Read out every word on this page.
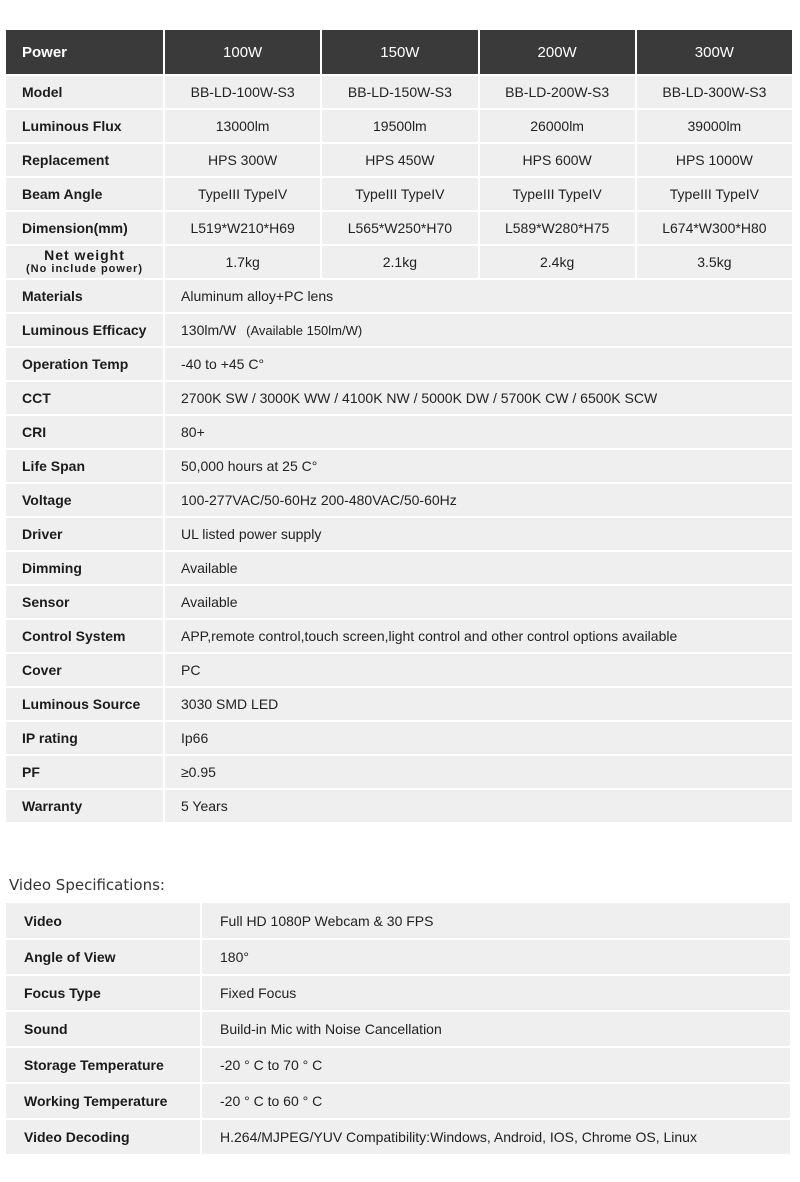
Power	100W	150W	200W	300W
Model	BB-LD-100W-S3	BB-LD-150W-S3	BB-LD-200W-S3	BB-LD-300W-S3
Luminous Flux	13000lm	19500lm	26000lm	39000lm
Replacement	HPS 300W	HPS 450W	HPS 600W	HPS 1000W
Beam Angle	TypeIII TypeIV	TypeIII TypeIV	TypeIII TypeIV	TypeIII TypeIV
Dimension(mm)	L519*W210*H69	L565*W250*H70	L589*W280*H75	L674*W300*H80

Net weight
(No include power)	1.7kg	2.1kg	2.4kg	3.5kg
Materials	Aluminum alloy+PC lens			
Luminous Efficacy	130lm/W (Available 150lm/W)			
Operation Temp	-40 to +45 C°			
CCT	2700K SW / 3000K WW / 4100K NW / 5000K DW / 5700K CW / 6500K SCW			
CRI	80+			
Life Span	50,000 hours at 25 C°			
Voltage	100-277VAC/50-60Hz 200-480VAC/50-60Hz			
Driver	UL listed power supply			
Dimming	Available			
Sensor	Available			
Control System	APP,remote control,touch screen,light control and other control options available			
Cover	PC			
Luminous Source	3030 SMD LED			
IP rating	Ip66			
PF	≥0.95			
Warranty	5 Years			
Video Specifications:
Video	Full HD 1080P Webcam & 30 FPS
Angle of View	180°
Focus Type	Fixed Focus
Sound	Build-in Mic with Noise Cancellation
Storage Temperature	-20 ° C to 70 ° C
Working Temperature	-20 ° C to 60 ° C
Video Decoding	H.264/MJPEG/YUV Compatibility:Windows, Android, IOS, Chrome OS, Linux
